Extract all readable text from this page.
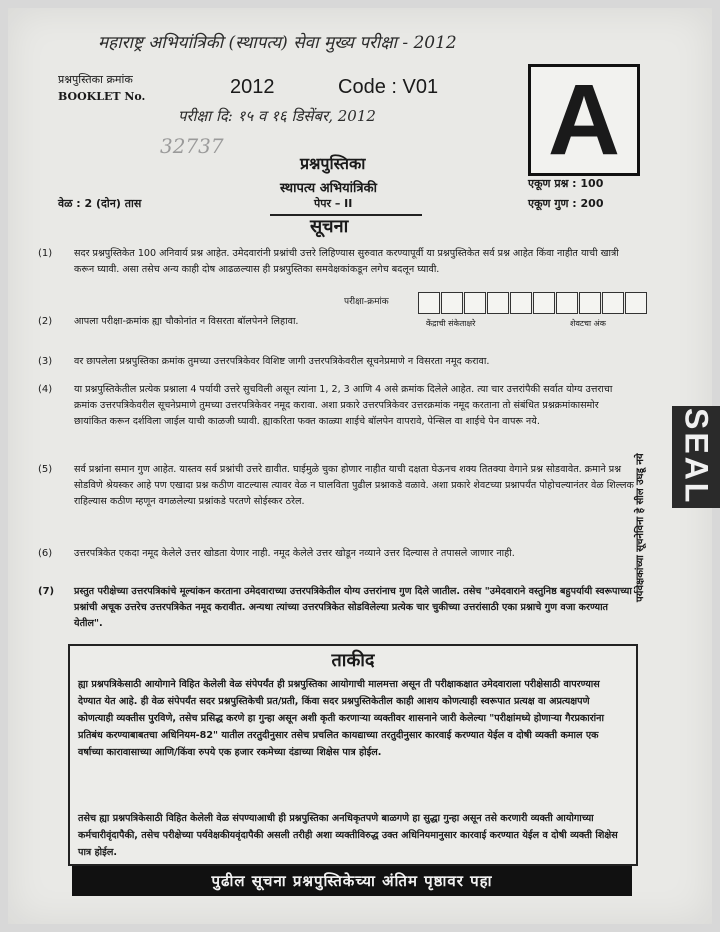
महाराष्ट्र अभियांत्रिकी (स्थापत्य) सेवा मुख्य परीक्षा - 2012
प्रश्नपुस्तिका क्रमांक
BOOKLET No.	2012	Code : V01
परीक्षा दि: १५ व १६ डिसेंबर, 2012
32737	A
प्रश्नपुस्तिका
स्थापत्य अभियांत्रिकी
पेपर – II
वेळ : 2 (दोन) तास
एकूण प्रश्न : 100
एकूण गुण : 200
सूचना
(1) सदर प्रश्नपुस्तिकेत 100 अनिवार्य प्रश्न आहेत. उमेदवारांनी प्रश्नांची उत्तरे लिहिण्यास सुरुवात करण्यापूर्वी या प्रश्नपुस्तिकेत सर्व प्रश्न आहेत किंवा नाहीत याची खात्री करून घ्यावी. असा तसेच अन्य काही दोष आढळल्यास ही प्रश्नपुस्तिका समवेक्षकांकडून लगेच बदलून घ्यावी.
(2) आपला परीक्षा-क्रमांक ह्या चौकोनांत न विसरता बॉलपेनने लिहावा.
परीक्षा-क्रमांक
केंद्राची संकेताक्षरे	शेवटचा अंक
(3) वर छापलेला प्रश्नपुस्तिका क्रमांक तुमच्या उत्तरपत्रिकेवर विशिष्ट जागी उत्तरपत्रिकेवरील सूचनेप्रमाणे न विसरता नमूद करावा.
(4) या प्रश्नपुस्तिकेतील प्रत्येक प्रश्नाला 4 पर्यायी उत्तरे सुचविली असून त्यांना 1, 2, 3 आणि 4 असे क्रमांक दिलेले आहेत. त्या चार उत्तरांपैकी सर्वात योग्य उत्तराचा क्रमांक उत्तरपत्रिकेवरील सूचनेप्रमाणे तुमच्या उत्तरपत्रिकेवर नमूद करावा. अशा प्रकारे उत्तरपत्रिकेवर उत्तरक्रमांक नमूद करताना तो संबंधित प्रश्नक्रमांकासमोर छायांकित करून दर्शविला जाईल याची काळजी घ्यावी. ह्याकरिता फक्त काळ्या शाईचे बॉलपेन वापरावे, पेन्सिल वा शाईचे पेन वापरू नये.
(5) सर्व प्रश्नांना समान गुण आहेत. यास्तव सर्व प्रश्नांची उत्तरे द्यावीत. घाईमुळे चुका होणार नाहीत याची दक्षता घेऊनच शक्य तितक्या वेगाने प्रश्न सोडवावेत. क्रमाने प्रश्न सोडविणे श्रेयस्कर आहे पण एखादा प्रश्न कठीण वाटल्यास त्यावर वेळ न घालविता पुढील प्रश्नाकडे वळावे. अशा प्रकारे शेवटच्या प्रश्नापर्यंत पोहोचल्यानंतर वेळ शिल्लक राहिल्यास कठीण म्हणून वगळलेल्या प्रश्नांकडे परतणे सोईस्कर ठरेल.
(6) उत्तरपत्रिकेत एकदा नमूद केलेले उत्तर खोडता येणार नाही. नमूद केलेले उत्तर खोडून नव्याने उत्तर दिल्यास ते तपासले जाणार नाही.
(7) प्रस्तुत परीक्षेच्या उत्तरपत्रिकांचे मूल्यांकन करताना उमेदवाराच्या उत्तरपत्रिकेतील योग्य उत्तरांनाच गुण दिले जातील. तसेच "उमेदवाराने वस्तुनिष्ठ बहुपर्यायी स्वरूपाच्या प्रश्नांची अचूक उत्तरेच उत्तरपत्रिकेत नमूद करावीत. अन्यथा त्यांच्या उत्तरपत्रिकेत सोडविलेल्या प्रत्येक चार चुकीच्या उत्तरांसाठी एका प्रश्नाचे गुण वजा करण्यात येतील".
पर्यवेक्षकांच्या सूचनेविना हे सील उघडू नये SEAL
ताकीद

ह्या प्रश्नपत्रिकेसाठी आयोगाने विहित केलेली वेळ संपेपर्यंत ही प्रश्नपुस्तिका आयोगाची मालमत्ता असून ती परीक्षाकक्षात उमेदवाराला परीक्षेसाठी वापरण्यास देण्यात येत आहे. ही वेळ संपेपर्यंत सदर प्रश्नपुस्तिकेची प्रत/प्रती, किंवा सदर प्रश्नपुस्तिकेतील काही आशय कोणत्याही स्वरूपात प्रत्यक्ष वा अप्रत्यक्षपणे कोणत्याही व्यक्तीस पुरविणे, तसेच प्रसिद्ध करणे हा गुन्हा असून अशी कृती करणाऱ्या व्यक्तीवर शासनाने जारी केलेल्या "परीक्षांमध्ये होणाऱ्या गैरप्रकारांना प्रतिबंध करण्याबाबतचा अधिनियम-82" यातील तरतुदीनुसार तसेच प्रचलित कायद्याच्या तरतुदीनुसार कारवाई करण्यात येईल व दोषी व्यक्ती कमाल एक वर्षाच्या कारावासाच्या आणि/किंवा रुपये एक हजार रकमेच्या दंडाच्या शिक्षेस पात्र होईल.

तसेच ह्या प्रश्नपत्रिकेसाठी विहित केलेली वेळ संपण्याआधी ही प्रश्नपुस्तिका अनधिकृतपणे बाळगणे हा सुद्धा गुन्हा असून तसे करणारी व्यक्ती आयोगाच्या कर्मचारीवृंदापैकी, तसेच परीक्षेच्या पर्यवेक्षकीयवृंदापैकी असली तरीही अशा व्यक्तीविरुद्ध उक्त अधिनियमानुसार कारवाई करण्यात येईल व दोषी व्यक्ती शिक्षेस पात्र होईल.

पुढील सूचना प्रश्नपुस्तिकेच्या अंतिम पृष्ठावर पहा
